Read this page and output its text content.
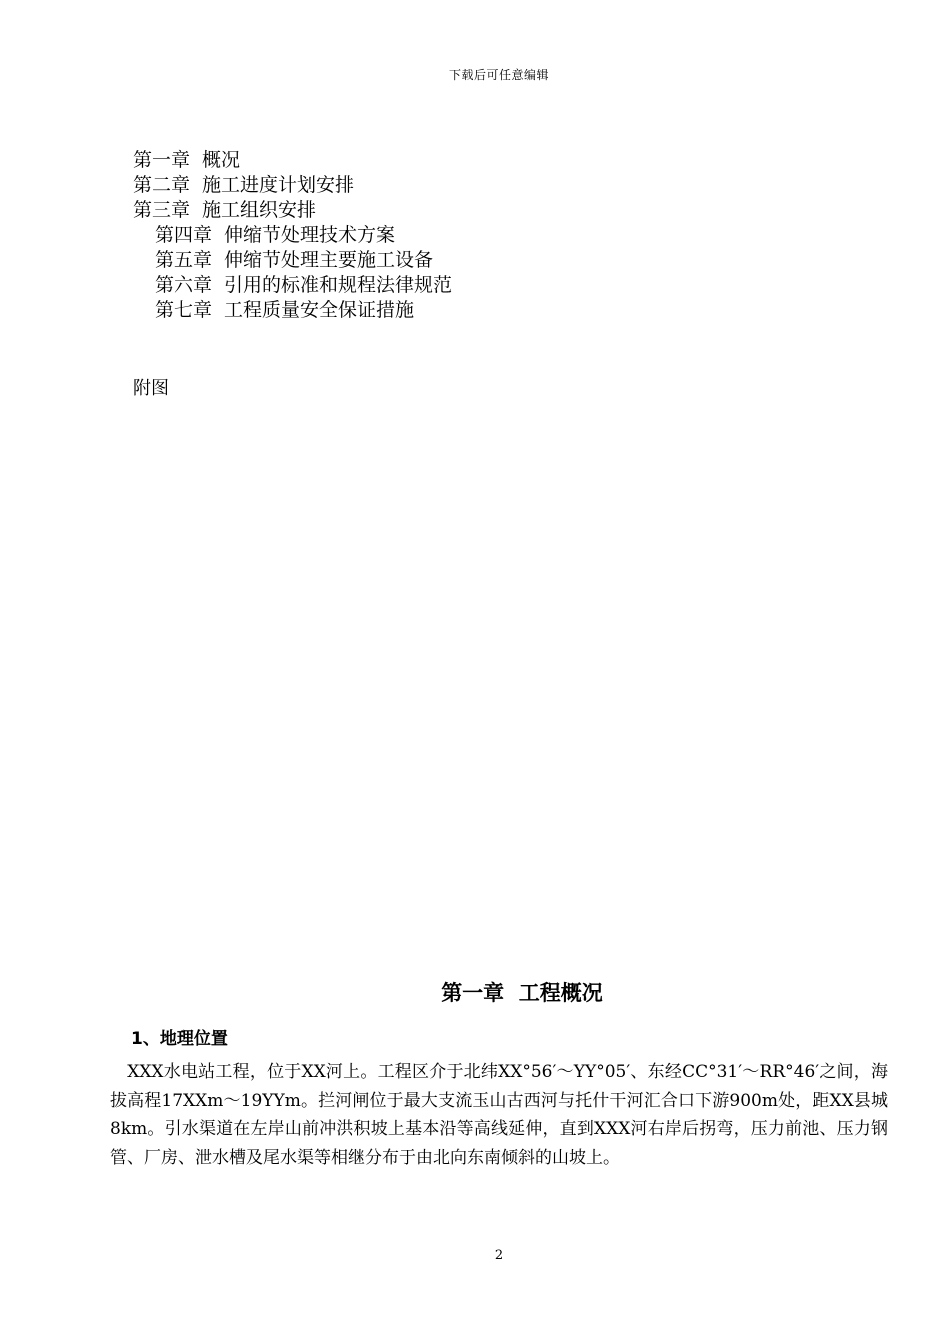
下载后可任意编辑
第一章 概况
第二章 施工进度计划安排
第三章 施工组织安排
第四章 伸缩节处理技术方案
第五章 伸缩节处理主要施工设备
第六章 引用的标准和规程法律规范
第七章 工程质量安全保证措施
附图
第一章  工程概况
1、地理位置
　XXX水电站工程，位于XX河上。工程区介于北纬XX°56′～YY°05′、东经CC°31′～RR°46′之间，海拔高程17XXm～19YYm。拦河闸位于最大支流玉山古西河与托什干河汇合口下游900m处，距XX县城8km。引水渠道在左岸山前冲洪积坡上基本沿等高线延伸，直到XXX河右岸后拐弯，压力前池、压力钢管、厂房、泄水槽及尾水渠等相继分布于由北向东南倾斜的山坡上。
2
